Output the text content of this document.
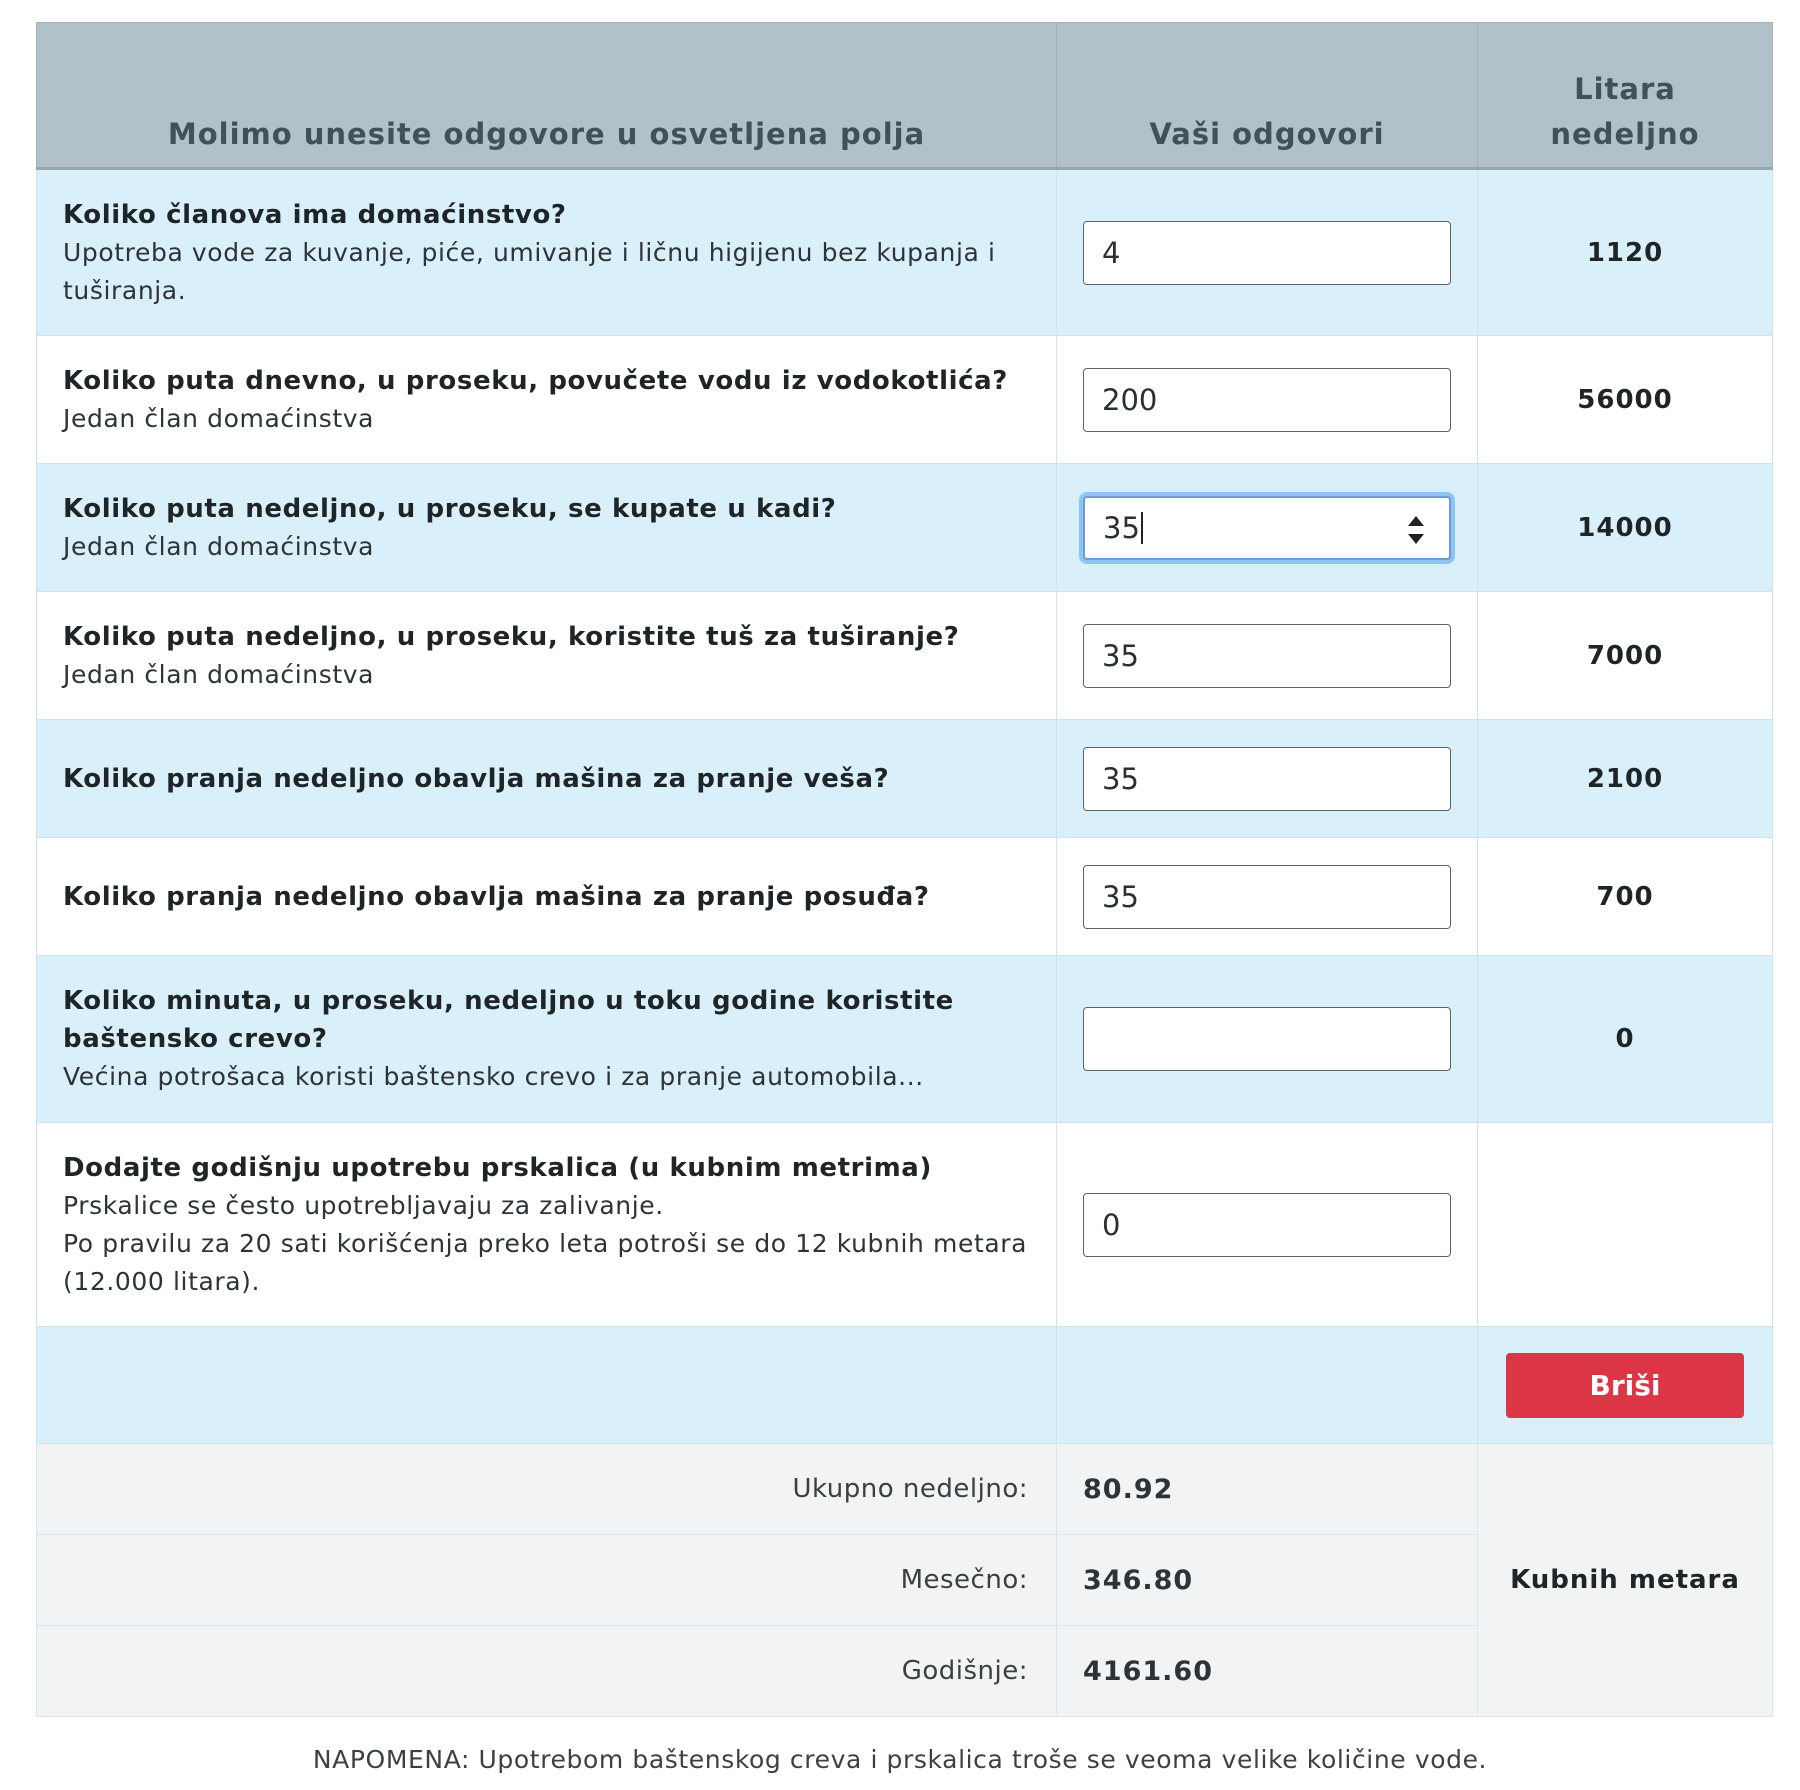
Molimo unesite odgovore u osvetljena polja	Vaši odgovori	Litara
nedeljno

Koliko članova ima domaćinstvo?
Upotreba vode za kuvanje, piće, umivanje i ličnu higijenu bez kupanja i
tuširanja.	4	1120

Koliko puta dnevno, u proseku, povučete vodu iz vodokotlića?
Jedan član domaćinstva	200	56000

Koliko puta nedeljno, u proseku, se kupate u kadi?
Jedan član domaćinstva	35	14000

Koliko puta nedeljno, u proseku, koristite tuš za tuširanje?
Jedan član domaćinstva	35	7000

Koliko pranja nedeljno obavlja mašina za pranje veša?	35	2100

Koliko pranja nedeljno obavlja mašina za pranje posuđa?	35	700

Koliko minuta, u proseku, nedeljno u toku godine koristite
baštensko crevo?
Većina potrošaca koristi baštensko crevo i za pranje automobila...		0

Dodajte godišnju upotrebu prskalica (u kubnim metrima)
Prskalice se često upotrebljavaju za zalivanje.
Po pravilu za 20 sati korišćenja preko leta potroši se do 12 kubnih metara
(12.000 litara).	0	

		Briši

Ukupno nedeljno:	80.92	Kubnih metara
Mesečno:	346.80	
Godišnje:	4161.60	
NAPOMENA: Upotrebom baštenskog creva i prskalica troše se veoma velike količine vode.
